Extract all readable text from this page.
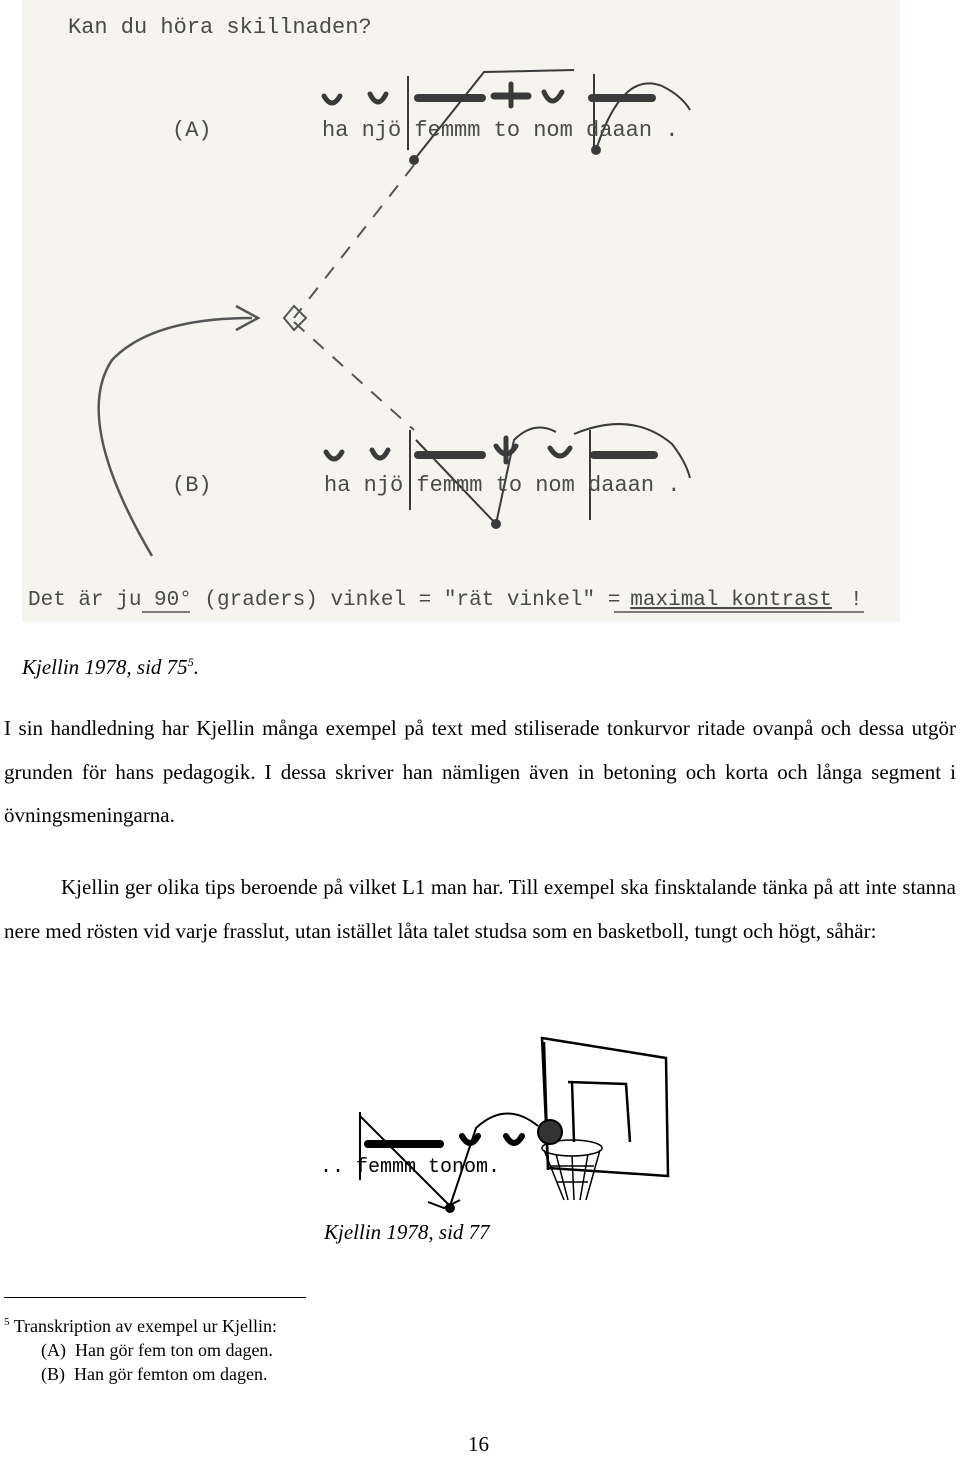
Kan du höra skillnaden?
(A)	ha njö femmm to nom daaan .
(B)	ha njö femmm to nom daaan .
Det är ju 90° (graders) vinkel = "rät vinkel" = maximal kontrast !

Kjellin 1978, sid $75^5$.

I sin handledning har Kjellin många exempel på text med stiliserade tonkurvor ritade ovanpå och dessa utgör grunden för hans pedagogik. I dessa skriver han nämligen även in betoning och korta och långa segment i övningsmeningarna.

Kjellin ger olika tips beroende på vilket L1 man har. Till exempel ska finsktalande tänka på att inte stanna nere med rösten vid varje frasslut, utan istället låta talet studsa som en basketboll, tungt och högt, såhär:

.. femmm tonom.

Kjellin 1978, sid 77

$^5$ Transkription av exempel ur Kjellin:
(A)  Han gör fem ton om dagen.
(B)  Han gör femton om dagen.
16
